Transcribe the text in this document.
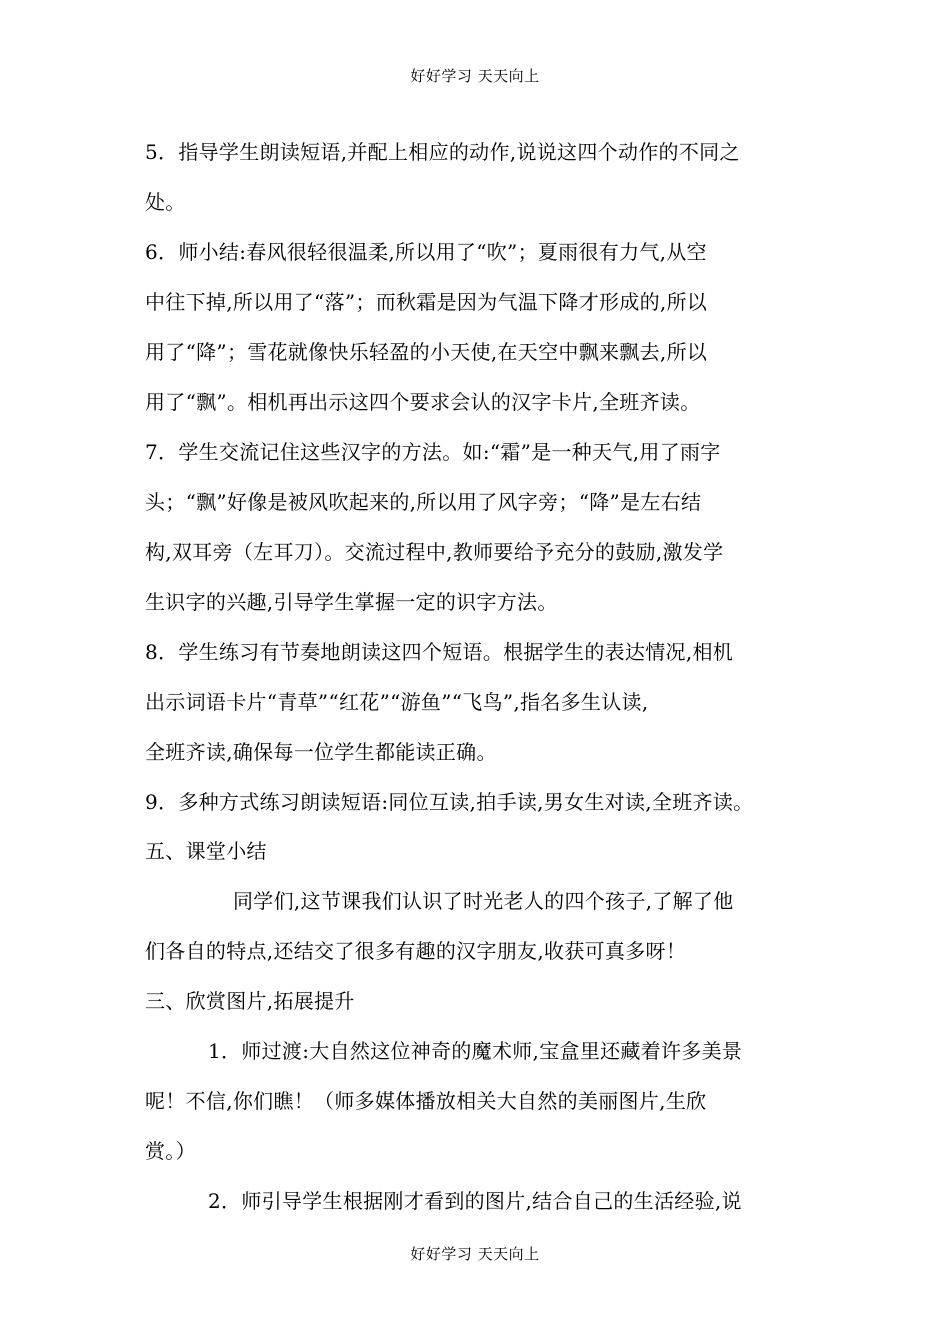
好好学习 天天向上
5．指导学生朗读短语,并配上相应的动作,说说这四个动作的不同之
处。
6．师小结:春风很轻很温柔,所以用了“吹”；夏雨很有力气,从空
中往下掉,所以用了“落”；而秋霜是因为气温下降才形成的,所以
用了“降”；雪花就像快乐轻盈的小天使,在天空中飘来飘去,所以
用了“飘”。相机再出示这四个要求会认的汉字卡片,全班齐读。
7．学生交流记住这些汉字的方法。如:“霜”是一种天气,用了雨字
头；“飘”好像是被风吹起来的,所以用了风字旁；“降”是左右结
构,双耳旁（左耳刀）。交流过程中,教师要给予充分的鼓励,激发学
生识字的兴趣,引导学生掌握一定的识字方法。
8．学生练习有节奏地朗读这四个短语。根据学生的表达情况,相机
出示词语卡片“青草”“红花”“游鱼”“飞鸟”,指名多生认读,
全班齐读,确保每一位学生都能读正确。
9．多种方式练习朗读短语:同位互读,拍手读,男女生对读,全班齐读。
五、课堂小结
同学们,这节课我们认识了时光老人的四个孩子,了解了他
们各自的特点,还结交了很多有趣的汉字朋友,收获可真多呀！
三、欣赏图片,拓展提升
1．师过渡:大自然这位神奇的魔术师,宝盒里还藏着许多美景
呢！不信,你们瞧！（师多媒体播放相关大自然的美丽图片,生欣
赏。）
2．师引导学生根据刚才看到的图片,结合自己的生活经验,说
好好学习 天天向上
